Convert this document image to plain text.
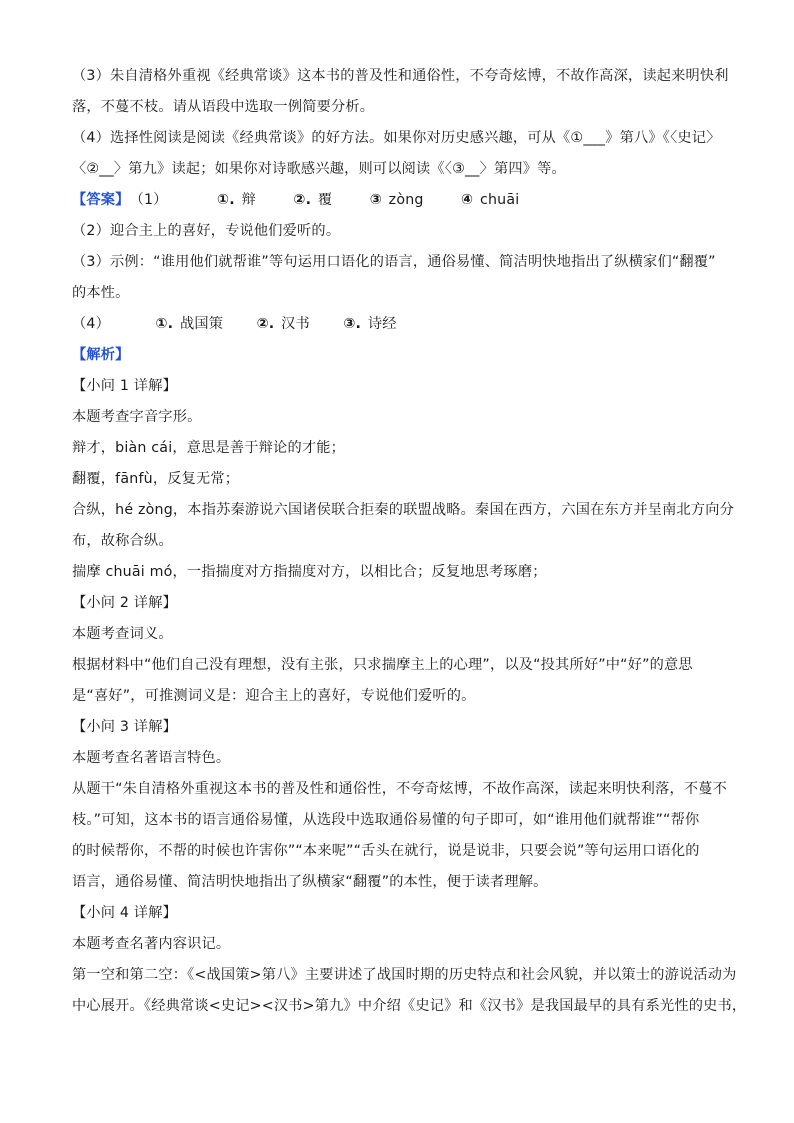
（3）朱自清格外重视《经典常谈》这本书的普及性和通俗性，不夸奇炫博，不故作高深，读起来明快利
落，不蔓不枝。请从语段中选取一例简要分析。
（4）选择性阅读是阅读《经典常谈》的好方法。如果你对历史感兴趣，可从《①___》第八》《〈史记〉
〈②__〉第九》读起；如果你对诗歌感兴趣，则可以阅读《〈③__〉第四》等。
【答案】（1）	①. 辩	②. 覆	③ zòng	④ chuāi
（2）迎合主上的喜好，专说他们爱听的。
（3）示例：“谁用他们就帮谁”等句运用口语化的语言，通俗易懂、简洁明快地指出了纵横家们“翻覆”
的本性。
（4）	①. 战国策 ②. 汉书 ③. 诗经
【解析】
【小问 1 详解】
本题考查字音字形。
辩才，biàn cái，意思是善于辩论的才能；
翻覆，fānfù，反复无常；
合纵，hé zòng，本指苏秦游说六国诸侯联合拒秦的联盟战略。秦国在西方，六国在东方并呈南北方向分
布，故称合纵。
揣摩 chuāi mó，一指揣度对方指揣度对方，以相比合；反复地思考琢磨；
【小问 2 详解】
本题考查词义。
根据材料中“他们自己没有理想，没有主张，只求揣摩主上的心理”，以及“投其所好”中“好”的意思
是“喜好”，可推测词义是：迎合主上的喜好，专说他们爱听的。
【小问 3 详解】
本题考查名著语言特色。
从题干“朱自清格外重视这本书的普及性和通俗性，不夸奇炫博，不故作高深，读起来明快利落，不蔓不
枝。”可知，这本书的语言通俗易懂，从选段中选取通俗易懂的句子即可，如“谁用他们就帮谁”“帮你
的时候帮你，不帮的时候也许害你”“本来呢”“舌头在就行，说是说非，只要会说”等句运用口语化的
语言，通俗易懂、简洁明快地指出了纵横家“翻覆”的本性，便于读者理解。
【小问 4 详解】
本题考查名著内容识记。
第一空和第二空：《<战国策>第八》主要讲述了战国时期的历史特点和社会风貌，并以策士的游说活动为
中心展开。《经典常谈<史记><汉书>第九》中介绍《史记》和《汉书》是我国最早的具有系光性的史书，
